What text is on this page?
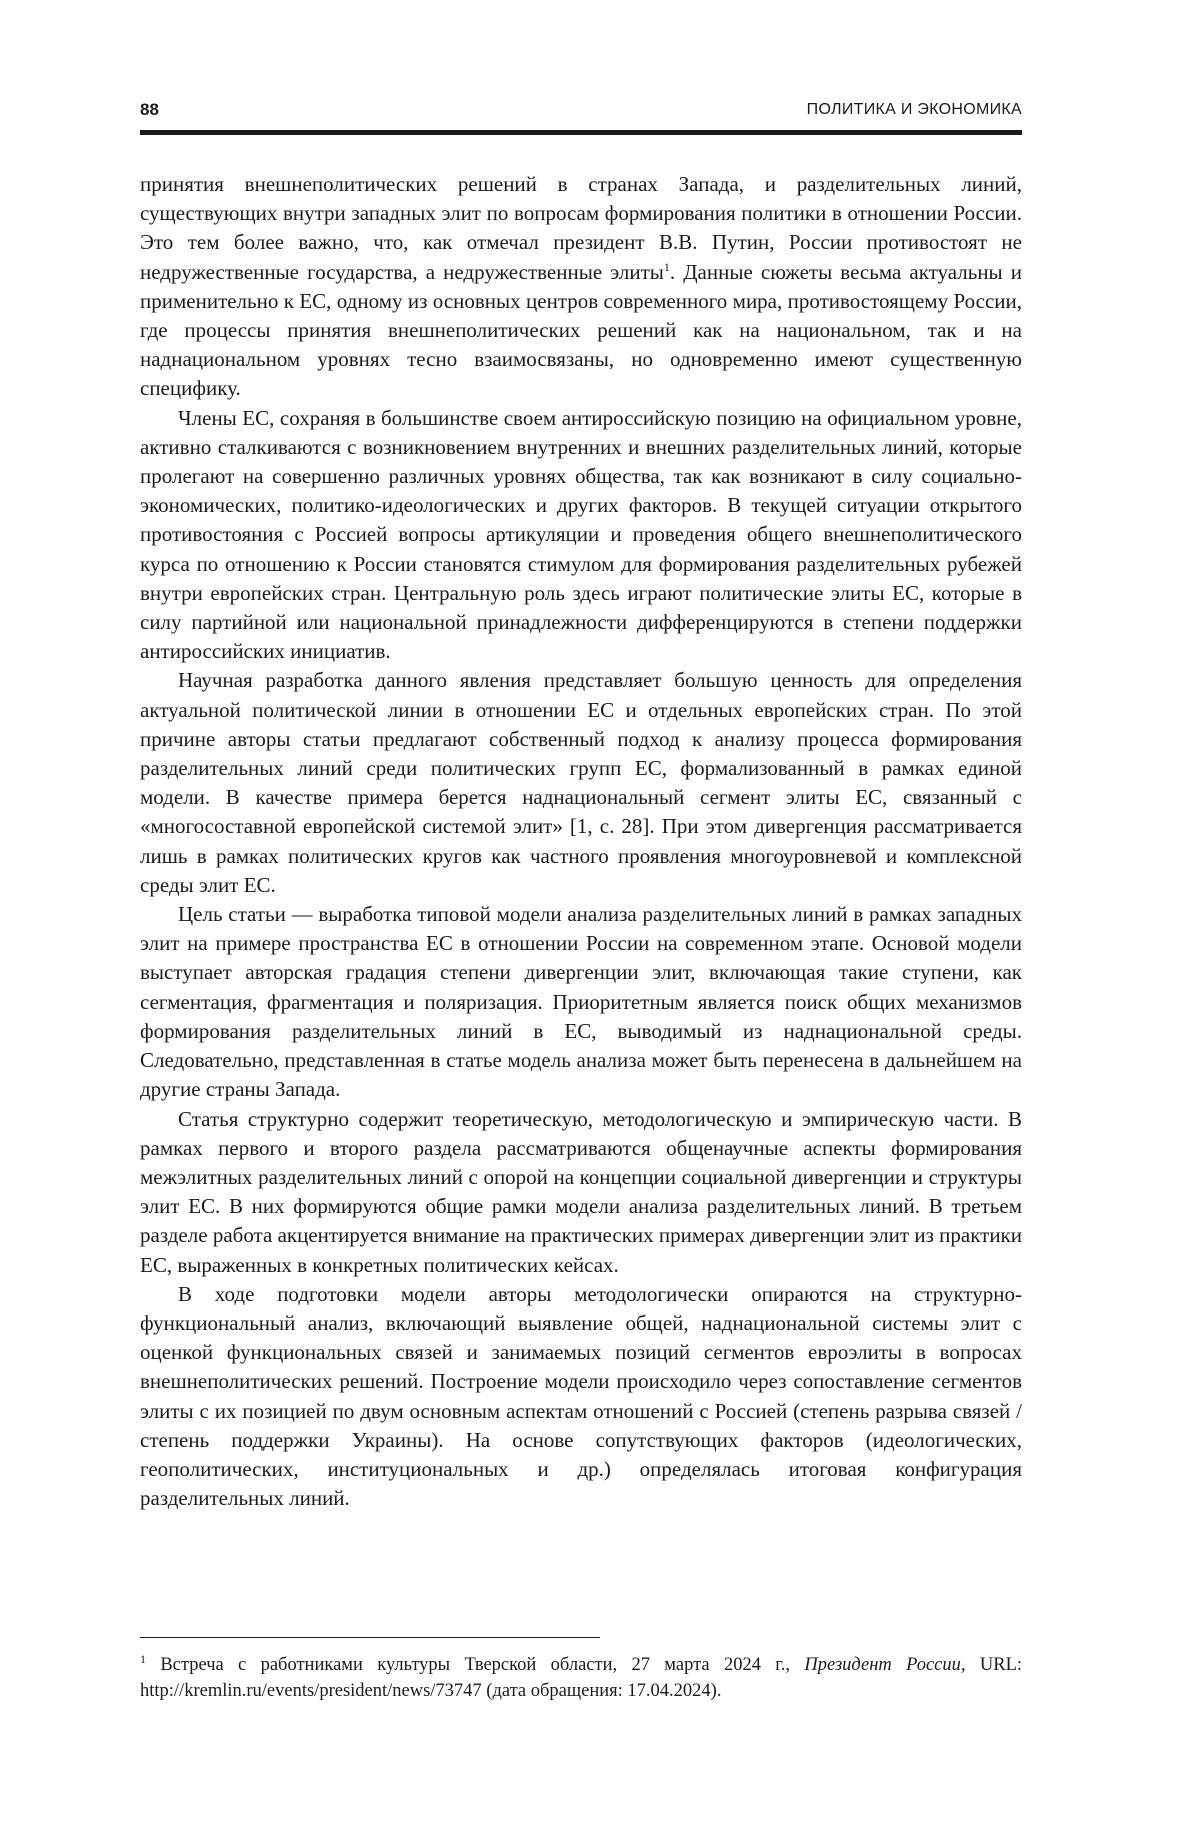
88	ПОЛИТИКА И ЭКОНОМИКА

принятия внешнеполитических решений в странах Запада, и разделительных линий, существующих внутри западных элит по вопросам формирования политики в отношении России. Это тем более важно, что, как отмечал президент В.В. Путин, России противостоят не недружественные государства, а недружественные элиты$^1$. Данные сюжеты весьма актуальны и применительно к ЕС, одному из основных центров современного мира, противостоящему России, где процессы принятия внешнеполитических решений как на национальном, так и на наднациональном уровнях тесно взаимосвязаны, но одновременно имеют существенную специфику.

Члены ЕС, сохраняя в большинстве своем антироссийскую позицию на официальном уровне, активно сталкиваются с возникновением внутренних и внешних разделительных линий, которые пролегают на совершенно различных уровнях общества, так как возникают в силу социально-экономических, политико-идеологических и других факторов. В текущей ситуации открытого противостояния с Россией вопросы артикуляции и проведения общего внешнеполитического курса по отношению к России становятся стимулом для формирования разделительных рубежей внутри европейских стран. Центральную роль здесь играют политические элиты ЕС, которые в силу партийной или национальной принадлежности дифференцируются в степени поддержки антироссийских инициатив.

Научная разработка данного явления представляет большую ценность для определения актуальной политической линии в отношении ЕС и отдельных европейских стран. По этой причине авторы статьи предлагают собственный подход к анализу процесса формирования разделительных линий среди политических групп ЕС, формализованный в рамках единой модели. В качестве примера берется наднациональный сегмент элиты ЕС, связанный с «многосоставной европейской системой элит» [1, с. 28]. При этом дивергенция рассматривается лишь в рамках политических кругов как частного проявления многоуровневой и комплексной среды элит ЕС.

Цель статьи — выработка типовой модели анализа разделительных линий в рамках западных элит на примере пространства ЕС в отношении России на современном этапе. Основой модели выступает авторская градация степени дивергенции элит, включающая такие ступени, как сегментация, фрагментация и поляризация. Приоритетным является поиск общих механизмов формирования разделительных линий в ЕС, выводимый из наднациональной среды. Следовательно, представленная в статье модель анализа может быть перенесена в дальнейшем на другие страны Запада.

Статья структурно содержит теоретическую, методологическую и эмпирическую части. В рамках первого и второго раздела рассматриваются общенаучные аспекты формирования межэлитных разделительных линий с опорой на концепции социальной дивергенции и структуры элит ЕС. В них формируются общие рамки модели анализа разделительных линий. В третьем разделе работа акцентируется внимание на практических примерах дивергенции элит из практики ЕС, выраженных в конкретных политических кейсах.

В ходе подготовки модели авторы методологически опираются на структурно-функциональный анализ, включающий выявление общей, наднациональной системы элит с оценкой функциональных связей и занимаемых позиций сегментов евроэлиты в вопросах внешнеполитических решений. Построение модели происходило через сопоставление сегментов элиты с их позицией по двум основным аспектам отношений с Россией (степень разрыва связей / степень поддержки Украины). На основе сопутствующих факторов (идеологических, геополитических, институциональных и др.) определялась итоговая конфигурация разделительных линий.

$^1$ Встреча с работниками культуры Тверской области, 27 марта 2024 г., Президент России, URL: http://kremlin.ru/events/president/news/73747 (дата обращения: 17.04.2024).
